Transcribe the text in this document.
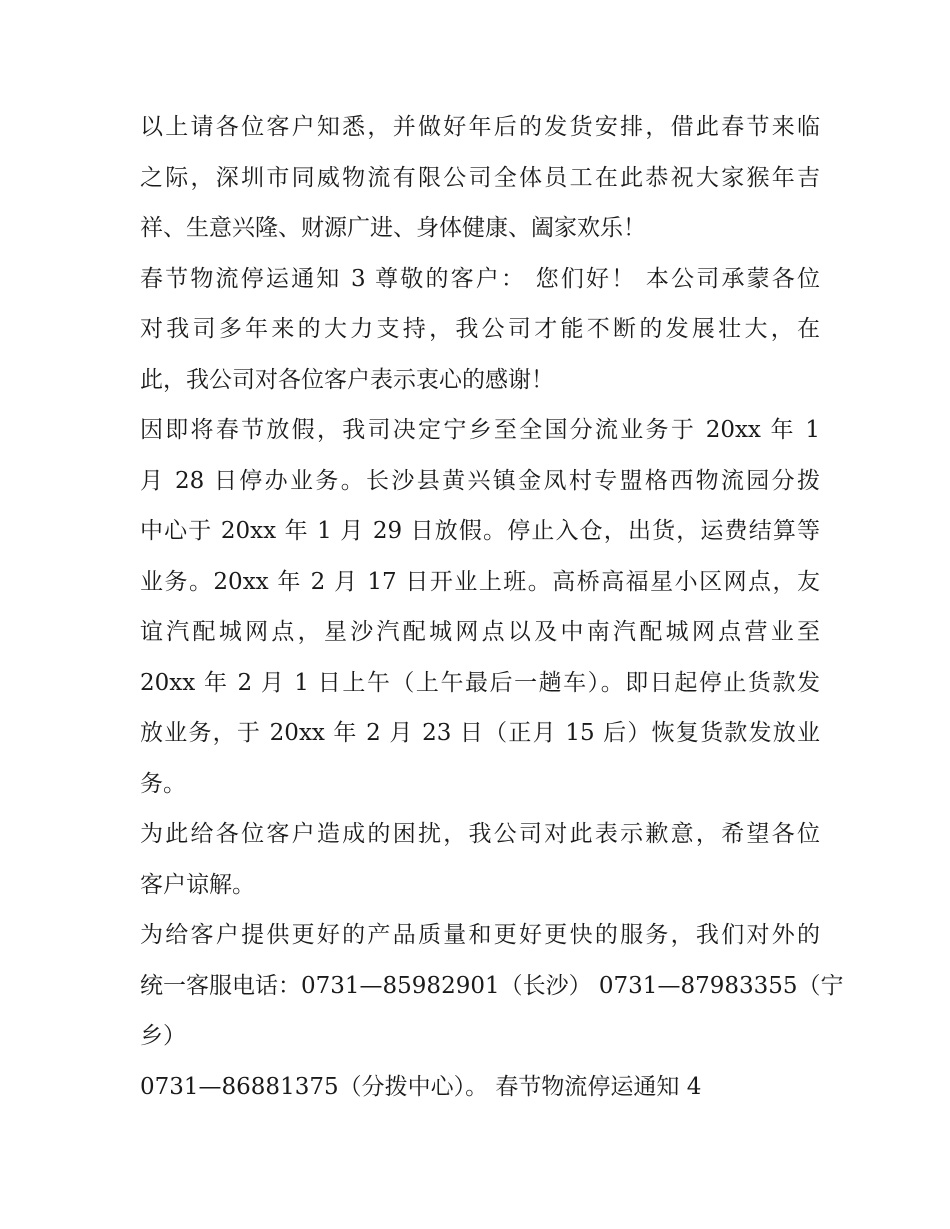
以上请各位客户知悉，并做好年后的发货安排，借此春节来临
之际，深圳市同威物流有限公司全体员工在此恭祝大家猴年吉
祥、生意兴隆、财源广进、身体健康、阖家欢乐！
春节物流停运通知 3 尊敬的客户： 您们好！ 本公司承蒙各位
对我司多年来的大力支持，我公司才能不断的发展壮大，在
此，我公司对各位客户表示衷心的感谢！
因即将春节放假，我司决定宁乡至全国分流业务于 20xx 年 1
月 28 日停办业务。长沙县黄兴镇金凤村专盟格西物流园分拨
中心于 20xx 年 1 月 29 日放假。停止入仓，出货，运费结算等
业务。20xx 年 2 月 17 日开业上班。高桥高福星小区网点，友
谊汽配城网点，星沙汽配城网点以及中南汽配城网点营业至
20xx 年 2 月 1 日上午（上午最后一趟车）。即日起停止货款发
放业务，于 20xx 年 2 月 23 日（正月 15 后）恢复货款发放业
务。
为此给各位客户造成的困扰，我公司对此表示歉意，希望各位
客户谅解。
为给客户提供更好的产品质量和更好更快的服务，我们对外的
统一客服电话：0731—85982901（长沙） 0731—87983355（宁
乡）
0731—86881375（分拨中心）。 春节物流停运通知 4
